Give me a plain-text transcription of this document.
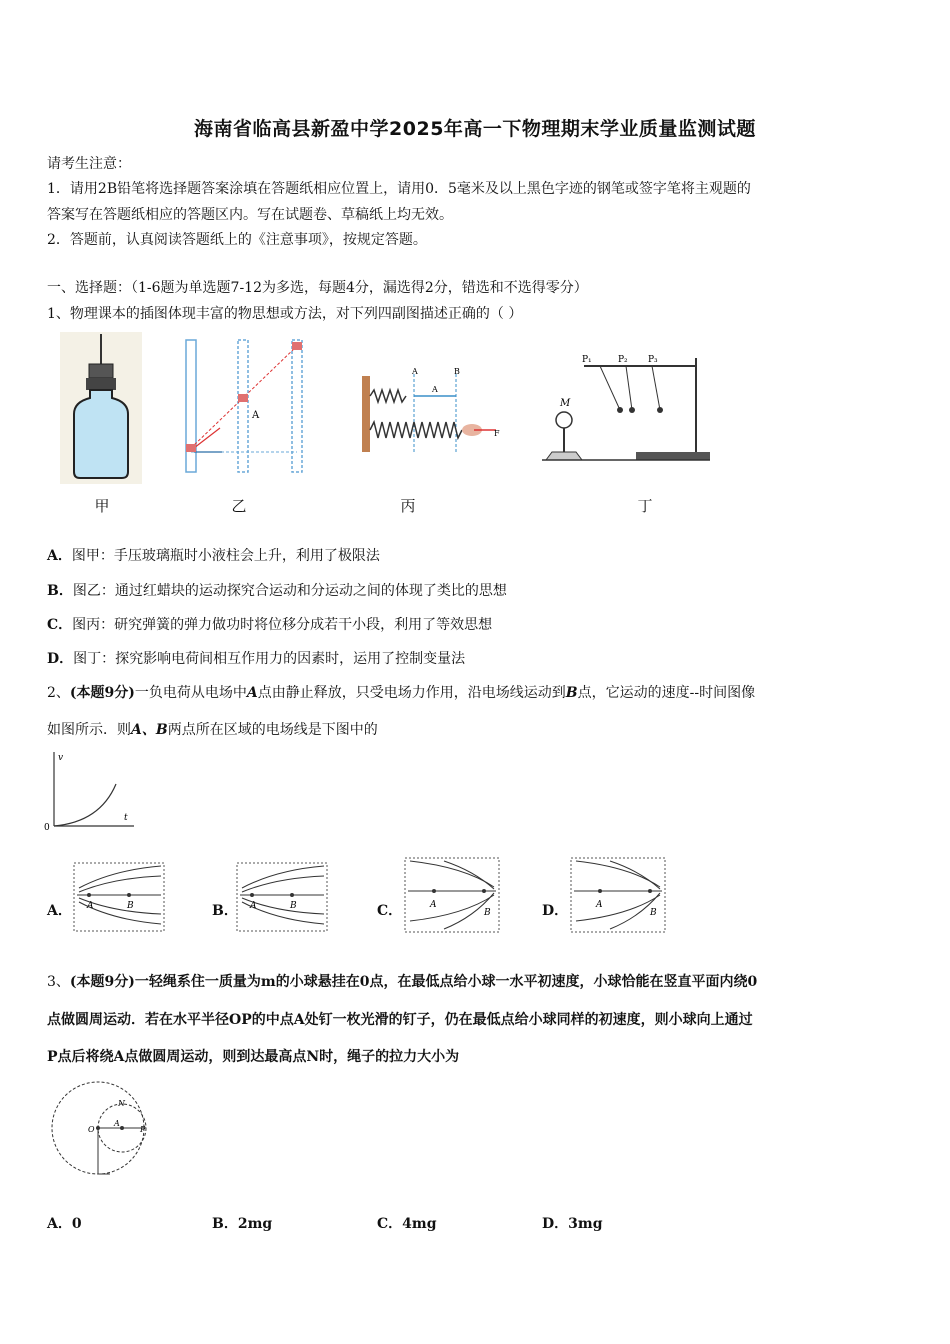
海南省临高县新盈中学2025年高一下物理期末学业质量监测试题
请考生注意：
1．请用2B铅笔将选择题答案涂填在答题纸相应位置上，请用0．5毫米及以上黑色字迹的钢笔或签字笔将主观题的
答案写在答题纸相应的答题区内。写在试题卷、草稿纸上均无效。
2．答题前，认真阅读答题纸上的《注意事项》，按规定答题。
一、选择题：（1-6题为单选题7-12为多选，每题4分，漏选得2分，错选和不选得零分）
1、物理课本的插图体现丰富的物思想或方法，对下列四副图描述正确的（ ）
甲
A
乙
A	B
A
F
丙
M
P₁	P₂ P₃
丁
A．图甲：手压玻璃瓶时小液柱会上升，利用了极限法
B．图乙：通过红蜡块的运动探究合运动和分运动之间的体现了类比的思想
C．图丙：研究弹簧的弹力做功时将位移分成若干小段，利用了等效思想
D．图丁：探究影响电荷间相互作用力的因素时，运用了控制变量法
2、(本题9分)一负电荷从电场中A点由静止释放，只受电场力作用，沿电场线运动到B点，它运动的速度--时间图像
如图所示．则A、B两点所在区域的电场线是下图中的
v
t
0
A． A	B	B． A	B	C．	A
B	D．	A
B
3、(本题9分)一轻绳系住一质量为m的小球悬挂在0点，在最低点给小球一水平初速度，小球恰能在竖直平面内绕0
点做圆周运动．若在水平半径OP的中点A处钉一枚光滑的钉子，仍在最低点给小球同样的初速度，则小球向上通过
P点后将绕A点做圆周运动，则到达最高点N时，绳子的拉力大小为
O
A
P
N
A．0	B．2mg	C．4mg	D．3mg
